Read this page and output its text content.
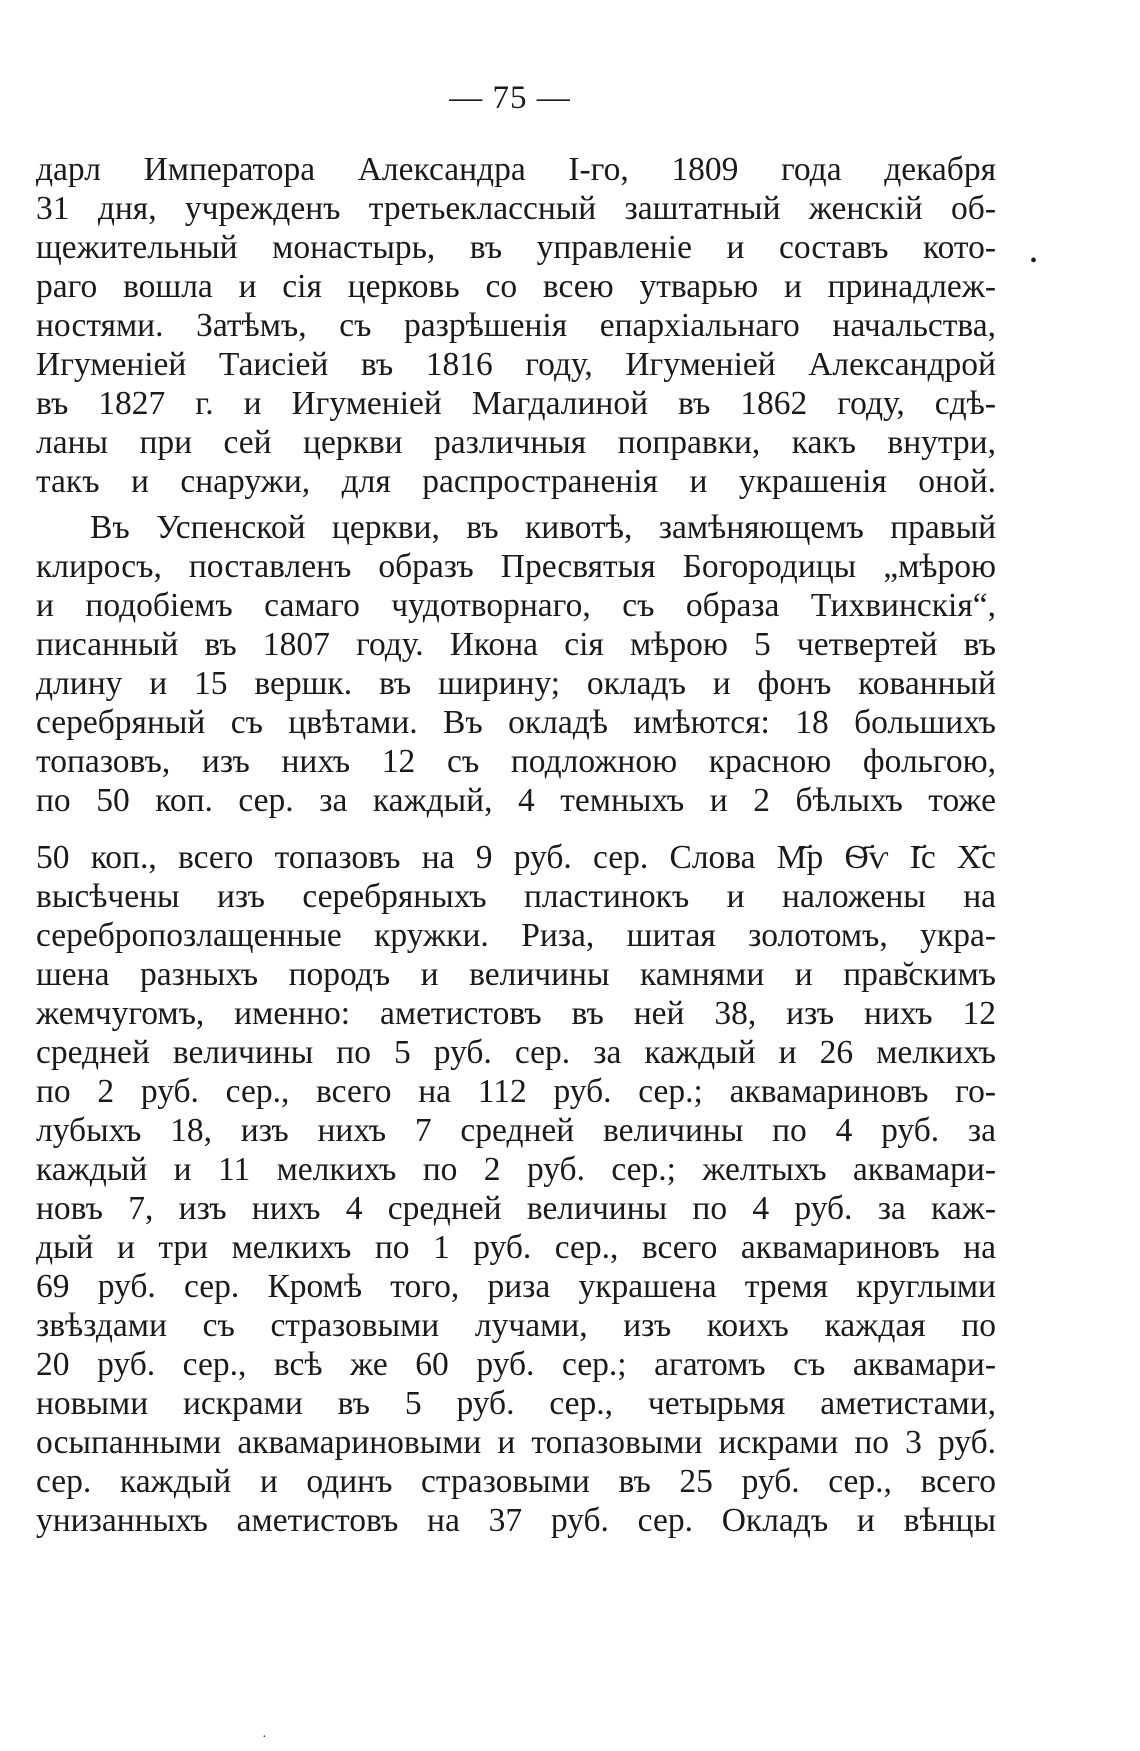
— 75 —
дарл Императора Александра I-го, 1809 года декабря
31 дня, учрежденъ третьеклассный заштатный женскій об-
щежительный монастырь, въ управленіе и составъ кото-
раго вошла и сія церковь со всею утварью и принадлеж-
ностями. Затѣмъ, съ разрѣшенія епархіальнаго начальства,
Игуменіей Таисіей въ 1816 году, Игуменіей Александрой
въ 1827 г. и Игуменіей Магдалиной въ 1862 году, сдѣ-
ланы при сей церкви различныя поправки, какъ внутри,
такъ и снаружи, для распространенія и украшенія оной.
Въ Успенской церкви, въ кивотѣ, замѣняющемъ правый
клиросъ, поставленъ образъ Пресвятыя Богородицы „мѣрою
и подобіемъ самаго чудотворнаго, съ образа Тихвинскія“,
писанный въ 1807 году. Икона сія мѣрою 5 четвертей въ
длину и 15 вершк. въ ширину; окладъ и фонъ кованный
серебряный съ цвѣтами. Въ окладѣ имѣются: 18 большихъ
топазовъ, изъ нихъ 12 съ подложною красною фольгою,
по 50 коп. сер. за каждый, 4 темныхъ и 2 бѣлыхъ тоже
50 коп., всего топазовъ на 9 руб. сер. Слова М҃р Ѳ҃ѵ І҃с Х҃с
высѣчены изъ серебряныхъ пластинокъ и наложены на
серебропозлащенные кружки. Риза, шитая золотомъ, укра-
шена разныхъ породъ и величины камнями и прав̆скимъ
жемчугомъ, именно: аметистовъ въ ней 38, изъ нихъ 12
средней величины по 5 руб. сер. за каждый и 26 мелкихъ
по 2 руб. сер., всего на 112 руб. сер.; аквамариновъ го-
лубыхъ 18, изъ нихъ 7 средней величины по 4 руб. за
каждый и 11 мелкихъ по 2 руб. сер.; желтыхъ аквамари-
новъ 7, изъ нихъ 4 средней величины по 4 руб. за каж-
дый и три мелкихъ по 1 руб. сер., всего аквамариновъ на
69 руб. сер. Кромѣ того, риза украшена тремя круглыми
звѣздами съ стразовыми лучами, изъ коихъ каждая по
20 руб. сер., всѣ же 60 руб. сер.; агатомъ съ аквамари-
новыми искрами въ 5 руб. сер., четырьмя аметистами,
осыпанными аквамариновыми и топазовыми искрами по 3 руб.
сер. каждый и одинъ стразовыми въ 25 руб. сер., всего
унизанныхъ аметистовъ на 37 руб. сер. Окладъ и вѣнцы
•
·
